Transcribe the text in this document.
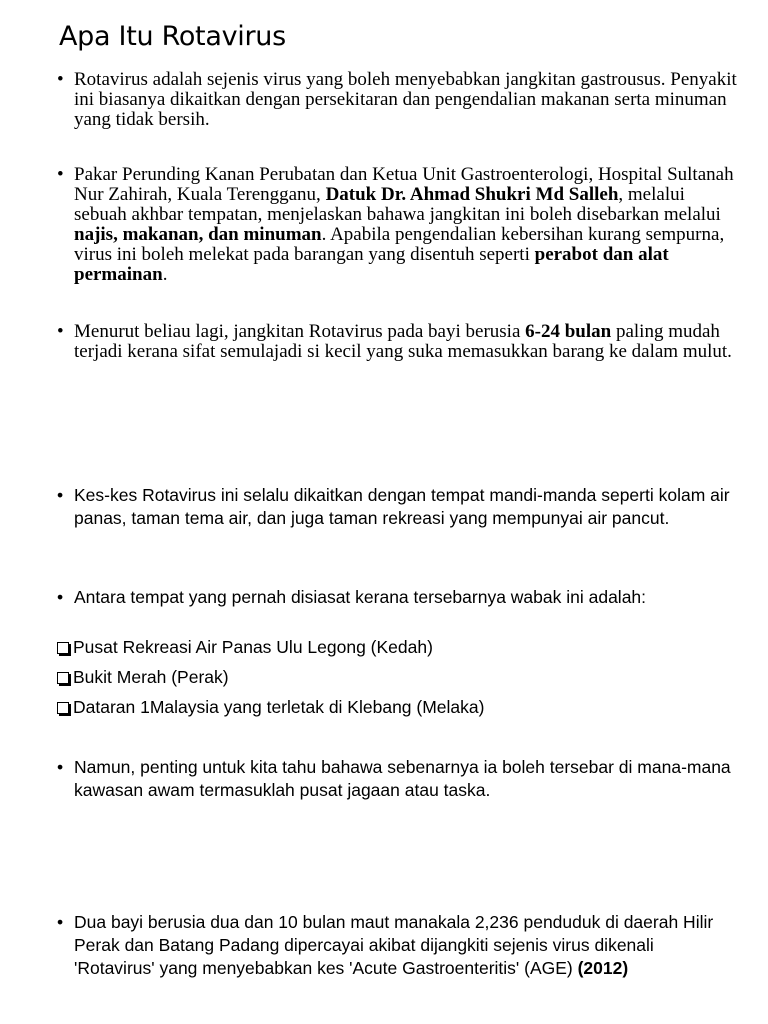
Apa Itu Rotavirus

• Rotavirus adalah sejenis virus yang boleh menyebabkan jangkitan gastrousus. Penyakit ini biasanya dikaitkan dengan persekitaran dan pengendalian makanan serta minuman yang tidak bersih.

• Pakar Perunding Kanan Perubatan dan Ketua Unit Gastroenterologi, Hospital Sultanah Nur Zahirah, Kuala Terengganu, Datuk Dr. Ahmad Shukri Md Salleh, melalui sebuah akhbar tempatan, menjelaskan bahawa jangkitan ini boleh disebarkan melalui najis, makanan, dan minuman. Apabila pengendalian kebersihan kurang sempurna, virus ini boleh melekat pada barangan yang disentuh seperti perabot dan alat permainan.

• Menurut beliau lagi, jangkitan Rotavirus pada bayi berusia 6-24 bulan paling mudah terjadi kerana sifat semulajadi si kecil yang suka memasukkan barang ke dalam mulut.

• Kes-kes Rotavirus ini selalu dikaitkan dengan tempat mandi-manda seperti kolam air panas, taman tema air, dan juga taman rekreasi yang mempunyai air pancut.

• Antara tempat yang pernah disiasat kerana tersebarnya wabak ini adalah:

Pusat Rekreasi Air Panas Ulu Legong (Kedah)

Bukit Merah (Perak)

Dataran 1Malaysia yang terletak di Klebang (Melaka)

• Namun, penting untuk kita tahu bahawa sebenarnya ia boleh tersebar di mana-mana kawasan awam termasuklah pusat jagaan atau taska.

• Dua bayi berusia dua dan 10 bulan maut manakala 2,236 penduduk di daerah Hilir Perak dan Batang Padang dipercayai akibat dijangkiti sejenis virus dikenali 'Rotavirus' yang menyebabkan kes 'Acute Gastroenteritis' (AGE) (2012)
